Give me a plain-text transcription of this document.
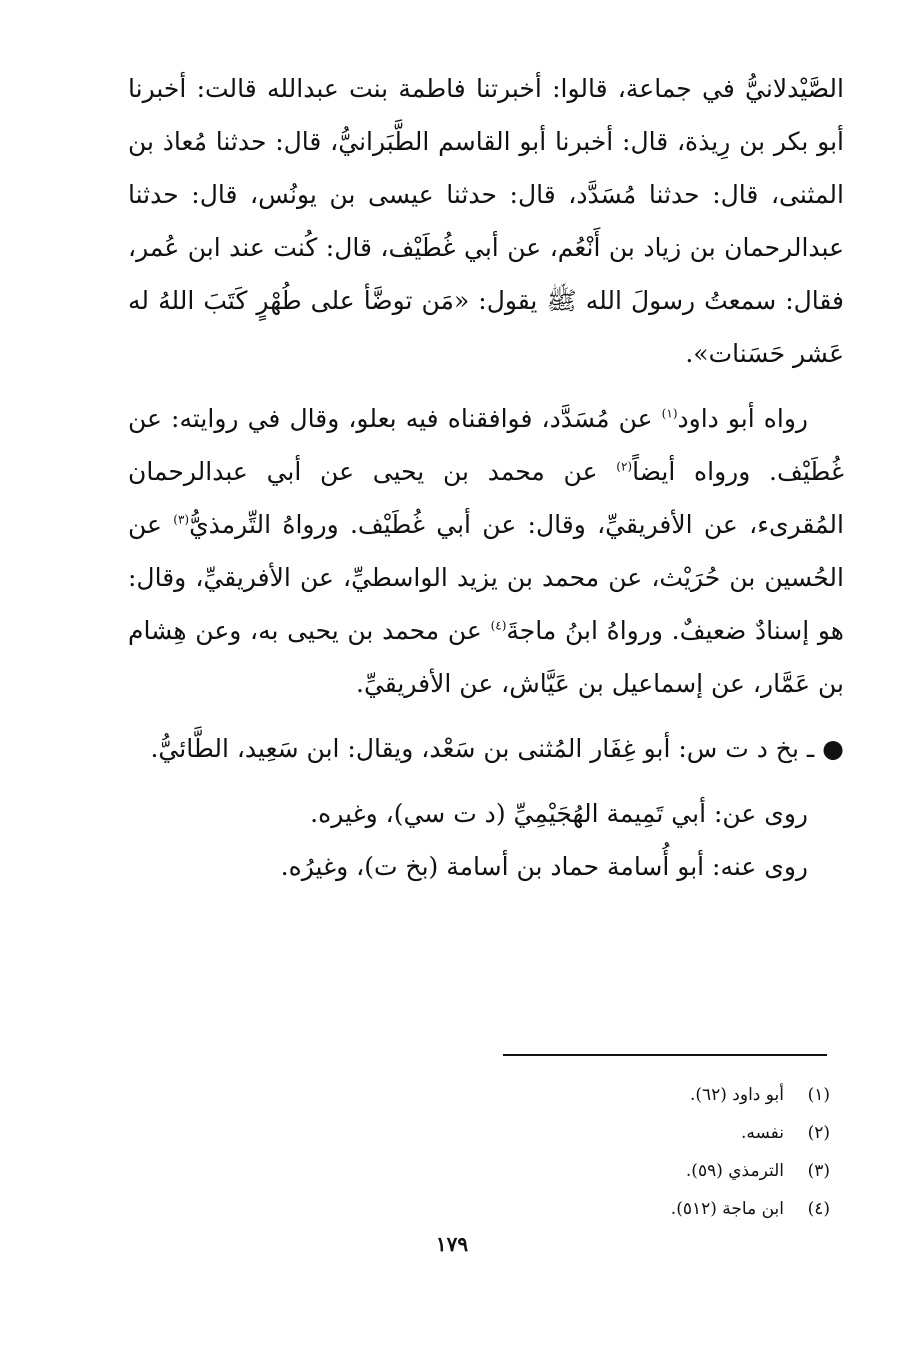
الصَّيْدلانيُّ في جماعة، قالوا: أخبرتنا فاطمة بنت عبدالله قالت: أخبرنا أبو بكر بن رِيذة، قال: أخبرنا أبو القاسم الطَّبَرانيُّ، قال: حدثنا مُعاذ بن المثنى، قال: حدثنا مُسَدَّد، قال: حدثنا عيسى بن يونُس، قال: حدثنا عبدالرحمان بن زياد بن أَنْعُم، عن أبي غُطَيْف، قال: كُنت عند ابن عُمر، فقال: سمعتُ رسولَ الله ﷺ يقول: «مَن توضَّأ على طُهْرٍ كَتَبَ اللهُ له عَشر حَسَنات».

رواه أبو داود$^{(١)}$ عن مُسَدَّد، فوافقناه فيه بعلو، وقال في روايته: عن غُطَيْف. ورواه أيضاً$^{(٢)}$ عن محمد بن يحيى عن أبي عبدالرحمان المُقرىء، عن الأفريقيِّ، وقال: عن أبي غُطَيْف. ورواهُ التِّرمذيُّ$^{(٣)}$ عن الحُسين بن حُرَيْث، عن محمد بن يزيد الواسطيِّ، عن الأفريقيِّ، وقال: هو إسنادٌ ضعيفٌ. ورواهُ ابنُ ماجةَ$^{(٤)}$ عن محمد بن يحيى به، وعن هِشام بن عَمَّار، عن إسماعيل بن عَيَّاش، عن الأفريقيِّ.

●ـ بخ د ت س: أبو غِفَار المُثنى بن سَعْد، ويقال: ابن سَعِيد، الطَّائيُّ.

روى عن: أبي تَمِيمة الهُجَيْمِيِّ (د ت سي)، وغيره.

روى عنه: أبو أُسامة حماد بن أسامة (بخ ت)، وغيرُه.

(١)
أبو داود (٦٢).
(٢)
نفسه.
(٣)
الترمذي (٥٩).
(٤)
ابن ماجة (٥١٢).
١٧٩
